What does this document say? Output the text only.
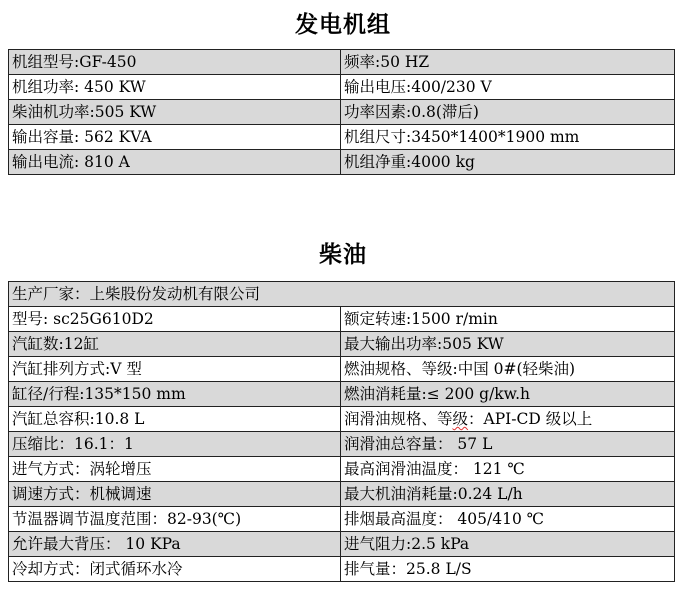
发电机组
机组型号:GF-450	频率:50 HZ
机组功率: 450 KW	输出电压:400/230 V
柴油机功率:505 KW	功率因素:0.8(滞后)
输出容量: 562 KVA	机组尺寸:3450*1400*1900 mm
输出电流: 810 A	机组净重:4000 kg
柴油
生产厂家：上柴股份发动机有限公司	
型号: sc25G610D2	额定转速:1500 r/min
汽缸数:12缸	最大输出功率:505 KW
汽缸排列方式:V 型	燃油规格、等级:中国 0#(轻柴油)
缸径/行程:135*150 mm	燃油消耗量:≤ 200 g/kw.h
汽缸总容积:10.8 L	润滑油规格、等级：API-CD 级以上
压缩比：16.1：1	润滑油总容量： 57 L
进气方式：涡轮增压	最高润滑油温度： 121 ℃
调速方式：机械调速	最大机油消耗量:0.24 L/h
节温器调节温度范围：82-93(℃)	排烟最高温度： 405/410 ℃
允许最大背压： 10 KPa	进气阻力:2.5 kPa
冷却方式：闭式循环水冷	排气量：25.8 L/S
